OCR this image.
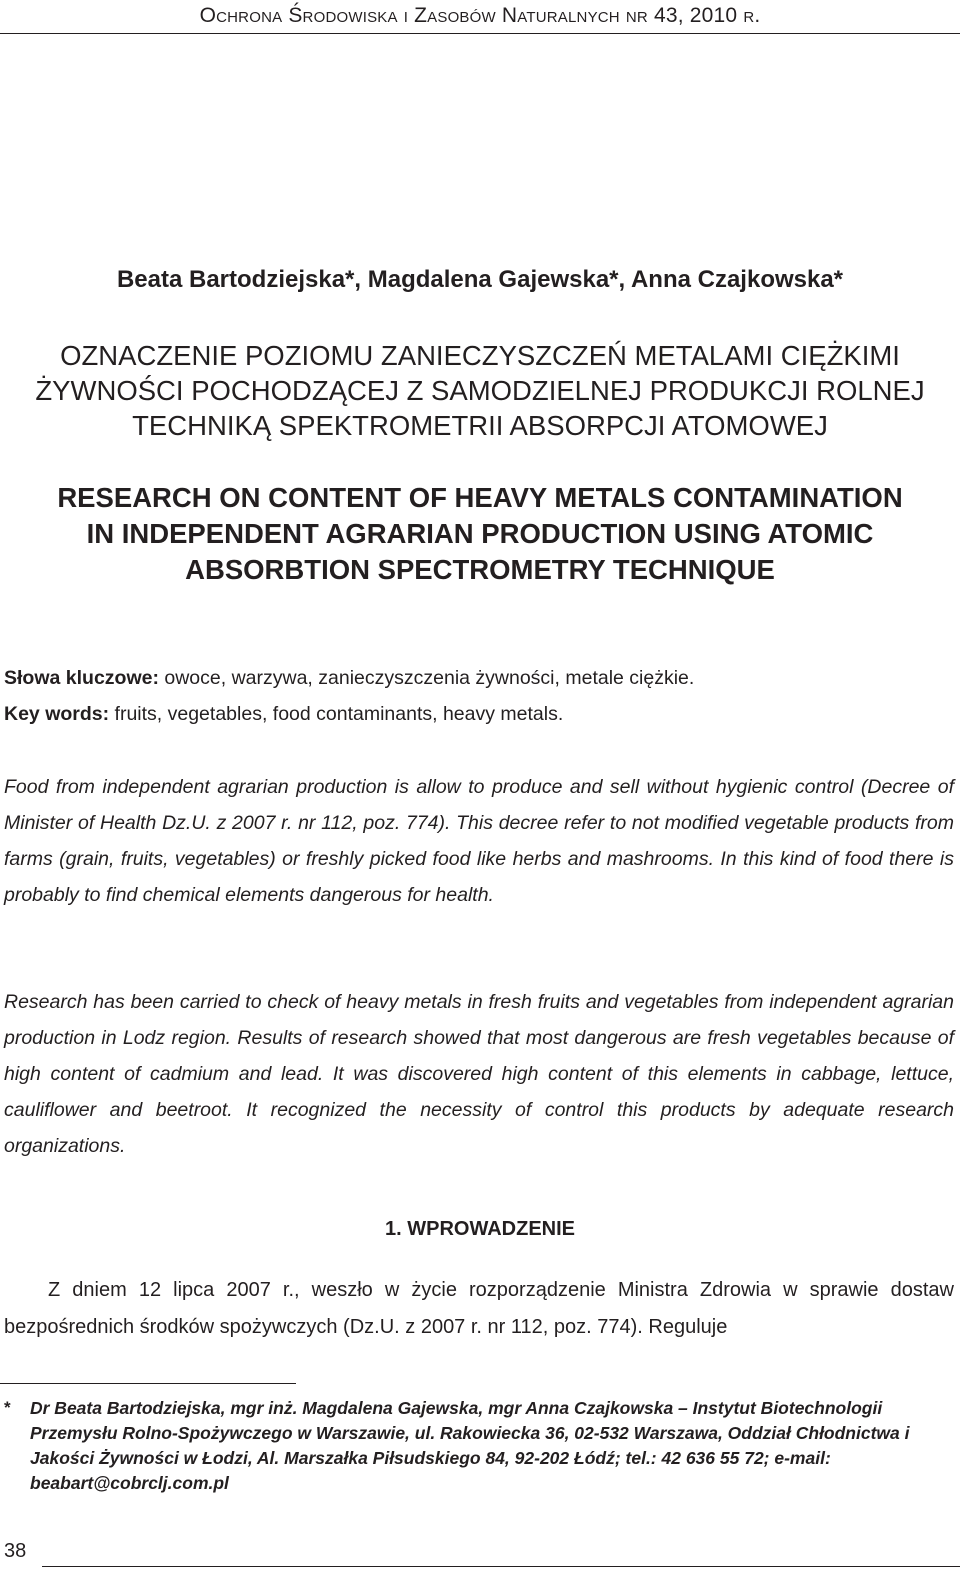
Ochrona Środowiska i Zasobów Naturalnych nr 43, 2010 r.
Beata Bartodziejska*, Magdalena Gajewska*, Anna Czajkowska*
OZNACZENIE POZIOMU ZANIECZYSZCZEŃ METALAMI CIĘŻKIMI
ŻYWNOŚCI POCHODZĄCEJ Z SAMODZIELNEJ PRODUKCJI ROLNEJ
TECHNIKĄ SPEKTROMETRII ABSORPCJI ATOMOWEJ
RESEARCH ON CONTENT OF HEAVY METALS CONTAMINATION
IN INDEPENDENT AGRARIAN PRODUCTION USING ATOMIC
ABSORBTION SPECTROMETRY TECHNIQUE
Słowa kluczowe: owoce, warzywa, zanieczyszczenia żywności, metale ciężkie.
Key words: fruits, vegetables, food contaminants, heavy metals.
Food from independent agrarian production is allow to produce and sell without hygienic control (Decree of Minister of Health Dz.U. z 2007 r. nr 112, poz. 774). This decree refer to not modified vegetable products from farms (grain, fruits, vegetables) or freshly picked food like herbs and mashrooms. In this kind of food there is probably to find chemical elements dangerous for health.
Research has been carried to check of heavy metals in fresh fruits and vegetables from independent agrarian production in Lodz region. Results of research showed that most dangerous are fresh vegetables because of high content of cadmium and lead. It was discovered high content of this elements in cabbage, lettuce, cauliflower and beetroot. It recognized the necessity of control this products by adequate research organizations.
1. WPROWADZENIE
Z dniem 12 lipca 2007 r., weszło w życie rozporządzenie Ministra Zdrowia w sprawie dostaw bezpośrednich środków spożywczych (Dz.U. z 2007 r. nr 112, poz. 774). Reguluje
* Dr Beata Bartodziejska, mgr inż. Magdalena Gajewska, mgr Anna Czajkowska – Instytut Biotechnologii Przemysłu Rolno-Spożywczego w Warszawie, ul. Rakowiecka 36, 02-532 Warszawa, Oddział Chłodnictwa i Jakości Żywności w Łodzi, Al. Marszałka Piłsudskiego 84, 92-202 Łódź; tel.: 42 636 55 72; e-mail: beabart@cobrclj.com.pl
38
